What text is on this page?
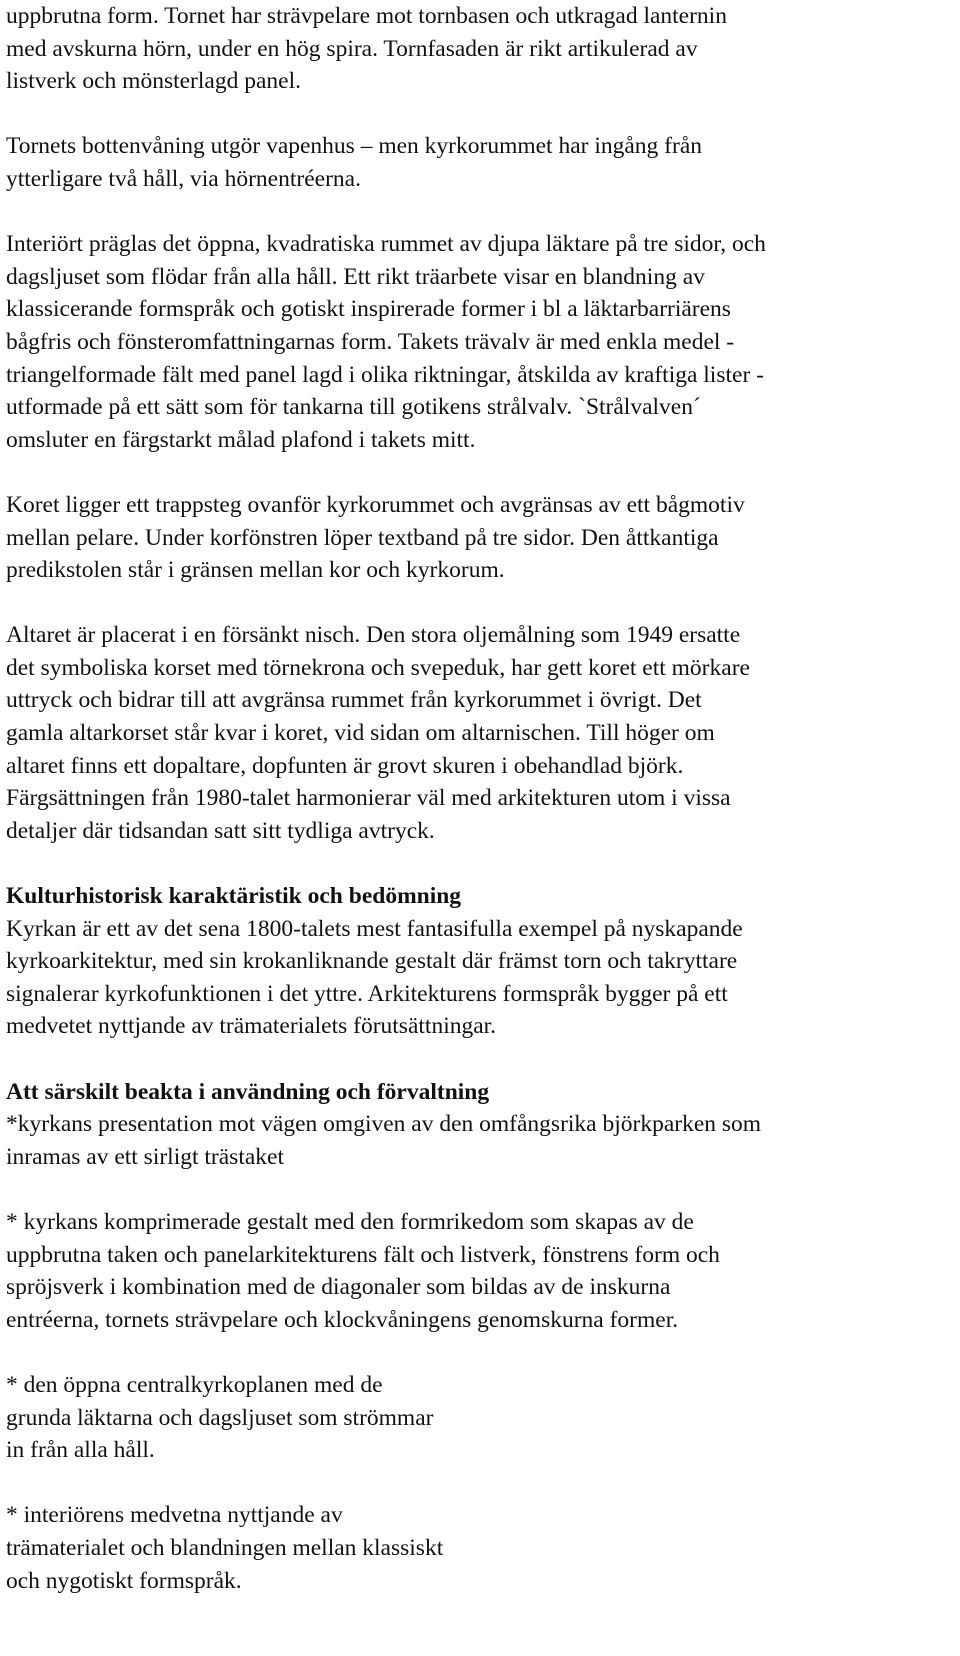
uppbrutna form. Tornet har strävpelare mot tornbasen och utkragad lanternin
med avskurna hörn, under en hög spira. Tornfasaden är rikt artikulerad av
listverk och mönsterlagd panel.
Tornets bottenvåning utgör vapenhus – men kyrkorummet har ingång från
ytterligare två håll, via hörnentréerna.
Interiört präglas det öppna, kvadratiska rummet av djupa läktare på tre sidor, och
dagsljuset som flödar från alla håll. Ett rikt träarbete visar en blandning av
klassicerande formspråk och gotiskt inspirerade former i bl a läktarbarriärens
bågfris och fönsteromfattningarnas form. Takets trävalv är med enkla medel -
triangelformade fält med panel lagd i olika riktningar, åtskilda av kraftiga lister -
utformade på ett sätt som för tankarna till gotikens strålvalv. `Strålvalven´
omsluter en färgstarkt målad plafond i takets mitt.
Koret ligger ett trappsteg ovanför kyrkorummet och avgränsas av ett bågmotiv
mellan pelare. Under korfönstren löper textband på tre sidor. Den åttkantiga
predikstolen står i gränsen mellan kor och kyrkorum.
Altaret är placerat i en försänkt nisch. Den stora oljemålning som 1949 ersatte
det symboliska korset med törnekrona och svepeduk, har gett koret ett mörkare
uttryck och bidrar till att avgränsa rummet från kyrkorummet i övrigt. Det
gamla altarkorset står kvar i koret, vid sidan om altarnischen. Till höger om
altaret finns ett dopaltare, dopfunten är grovt skuren i obehandlad björk.
Färgsättningen från 1980-talet harmonierar väl med arkitekturen utom i vissa
detaljer där tidsandan satt sitt tydliga avtryck.
Kulturhistorisk karaktäristik och bedömning
Kyrkan är ett av det sena 1800-talets mest fantasifulla exempel på nyskapande
kyrkoarkitektur, med sin krokanliknande gestalt där främst torn och takryttare
signalerar kyrkofunktionen i det yttre. Arkitekturens formspråk bygger på ett
medvetet nyttjande av trämaterialets förutsättningar.
Att särskilt beakta i användning och förvaltning
*kyrkans presentation mot vägen omgiven av den omfångsrika björkparken som
inramas av ett sirligt trästaket
* kyrkans komprimerade gestalt med den formrikedom som skapas av de
uppbrutna taken och panelarkitekturens fält och listverk, fönstrens form och
spröjsverk i kombination med de diagonaler som bildas av de inskurna
entréerna, tornets strävpelare och klockvåningens genomskurna former.
* den öppna centralkyrkoplanen med de
grunda läktarna och dagsljuset som strömmar
in från alla håll.
* interiörens medvetna nyttjande av
trämaterialet och blandningen mellan klassiskt
och nygotiskt formspråk.
